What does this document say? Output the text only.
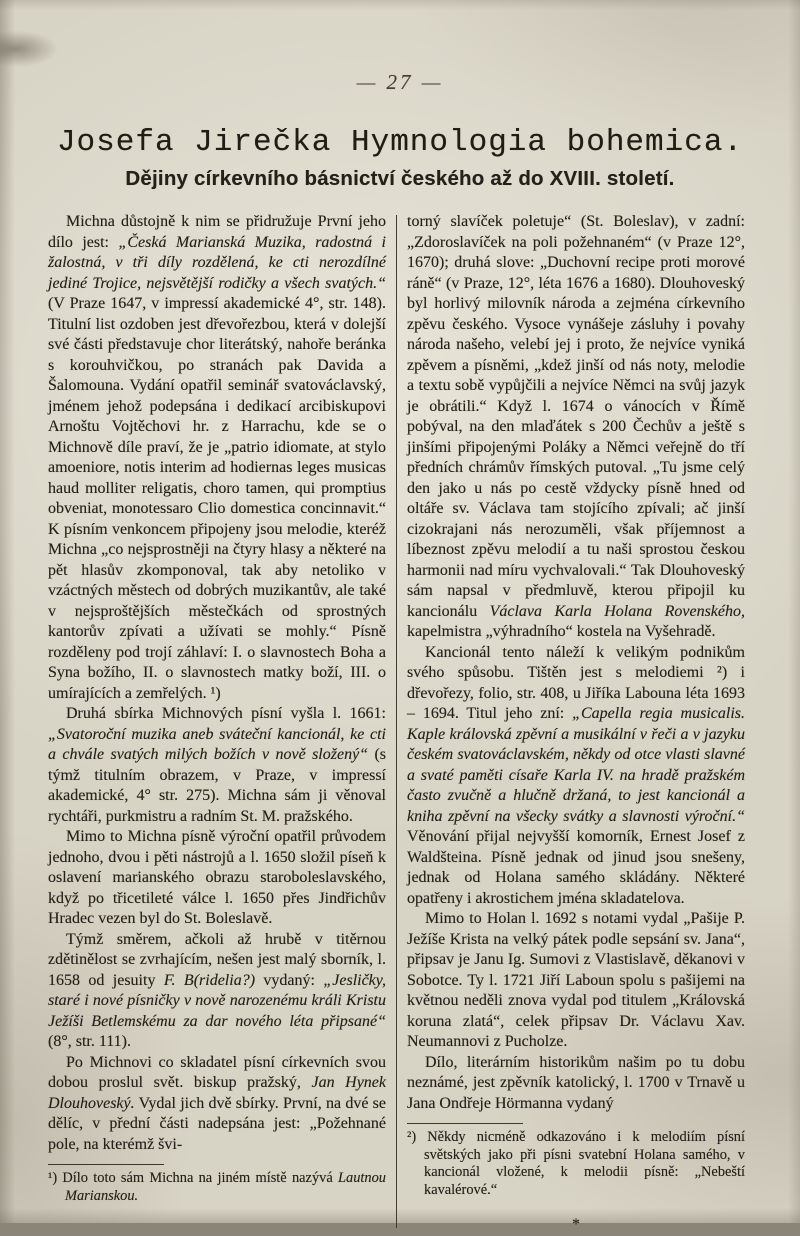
— 27 —
Josefa Jirečka Hymnologia bohemica.
Dějiny církevního básnictví českého až do XVIII. století.

Michna důstojně k nim se přidružuje První jeho dílo jest: „Česká Marianská Muzika, radostná i žalostná, v tři díly rozdělená, ke cti nerozdílné jediné Trojice, nejsvětější rodičky a všech svatých.“ (V Praze 1647, v impressí akademické 4°, str. 148). Titulní list ozdoben jest dřevořezbou, která v dolejší své části představuje chor literátský, nahoře beránka s korouhvičkou, po stranách pak Davida a Šalomouna. Vydání opatřil seminář svatováclavský, jménem jehož podepsána i dedikací arcibiskupovi Arnoštu Vojtěchovi hr. z Harrachu, kde se o Michnově díle praví, že je „patrio idiomate, at stylo amoeniore, notis interim ad hodiernas leges musicas haud molliter religatis, choro tamen, qui promptius obveniat, monotessaro Clio domestica concinnavit.“ K písním venkoncem připojeny jsou melodie, kteréž Michna „co nejsprostněji na čtyry hlasy a některé na pět hlasův zkomponoval, tak aby netoliko v vzáctných městech od dobrých muzikantův, ale také v nejsproštějších městečkách od sprostných kantorův zpívati a užívati se mohly.“ Písně rozděleny pod trojí záhlaví: I. o slavnostech Boha a Syna božího, II. o slavnostech matky boží, III. o umírajících a zemřelých. ¹)

Druhá sbírka Michnových písní vyšla l. 1661: „Svatoroční muzika aneb sváteční kancionál, ke cti a chvále svatých milých božích v nově složený“ (s týmž titulním obrazem, v Praze, v impressí akademické, 4° str. 275). Michna sám ji věnoval rychtáři, purkmistru a radním St. M. pražského.

Mimo to Michna písně výroční opatřil průvodem jednoho, dvou i pěti nástrojů a l. 1650 složil píseň k oslavení marianského obrazu staroboleslavského, když po třicetileté válce l. 1650 přes Jindřichův Hradec vezen byl do St. Boleslavě.

Týmž směrem, ačkoli až hrubě v titěrnou zdětinělost se zvrhajícím, nešen jest malý sborník, l. 1658 od jesuity F. B(ridelia?) vydaný: „Jesličky, staré i nové písničky v nově narozenému králi Kristu Ježíši Betlemskému za dar nového léta připsané“ (8°, str. 111).

Po Michnovi co skladatel písní církevních svou dobou proslul svět. biskup pražský, Jan Hynek Dlouhoveský. Vydal jich dvě sbírky. První, na dvé se dělíc, v přední části nadepsána jest: „Požehnané pole, na kterémž švi-

¹) Dílo toto sám Michna na jiném místě nazývá Lautnou Marianskou.

torný slavíček poletuje“ (St. Boleslav), v zadní: „Zdoroslavíček na poli požehnaném“ (v Praze 12°, 1670); druhá slove: „Duchovní recipe proti morové ráně“ (v Praze, 12°, léta 1676 a 1680). Dlouhoveský byl horlivý milovník národa a zejména církevního zpěvu českého. Vysoce vynášeje zásluhy i povahy národa našeho, velebí jej i proto, že nejvíce vyniká zpěvem a písněmi, „kdež jinší od nás noty, melodie a textu sobě vypůjčili a nejvíce Němci na svůj jazyk je obrátili.“ Když l. 1674 o vánocích v Římě pobýval, na den mlaďátek s 200 Čechův a ještě s jinšími připojenými Poláky a Němci veřejně do tří předních chrámův římských putoval. „Tu jsme celý den jako u nás po cestě vždycky písně hned od oltáře sv. Václava tam stojícího zpívali; ač jinší cizokrajani nás nerozuměli, však příjemnost a líbeznost zpěvu melodií a tu naši sprostou českou harmonii nad míru vychvalovali.“ Tak Dlouhoveský sám napsal v předmluvě, kterou připojil ku kancionálu Václava Karla Holana Rovenského, kapelmistra „výhradního“ kostela na Vyšehradě.

Kancionál tento náleží k velikým podnikům svého spůsobu. Tištěn jest s melodiemi ²) i dřevořezy, folio, str. 408, u Jiříka Labouna léta 1693 – 1694. Titul jeho zní: „Capella regia musicalis. Kaple královská zpěvní a musikální v řeči a v jazyku českém svatováclavském, někdy od otce vlasti slavné a svaté paměti císaře Karla IV. na hradě pražském často zvučně a hlučně držaná, to jest kancionál a kniha zpěvní na všecky svátky a slavnosti výroční.“ Věnování přijal nejvyšší komorník, Ernest Josef z Waldšteina. Písně jednak od jinud jsou snešeny, jednak od Holana samého skládány. Některé opatřeny i akrostichem jména skladatelova.

Mimo to Holan l. 1692 s notami vydal „Pašije P. Ježíše Krista na velký pátek podle sepsání sv. Jana“, připsav je Janu Ig. Sumovi z Vlastislavě, děkanovi v Sobotce. Ty l. 1721 Jiří Laboun spolu s pašijemi na květnou neděli znova vydal pod titulem „Královská koruna zlatá“, celek připsav Dr. Václavu Xav. Neumannovi z Pucholze.

Dílo, literárním historikům našim po tu dobu neznámé, jest zpěvník katolický, l. 1700 v Trnavě u Jana Ondřeje Hörmanna vydaný

²) Někdy nicméně odkazováno i k melodiím písní světských jako při písni svatební Holana samého, v kancionál vložené, k melodii písně: „Nebeští kavalérové.“
*
